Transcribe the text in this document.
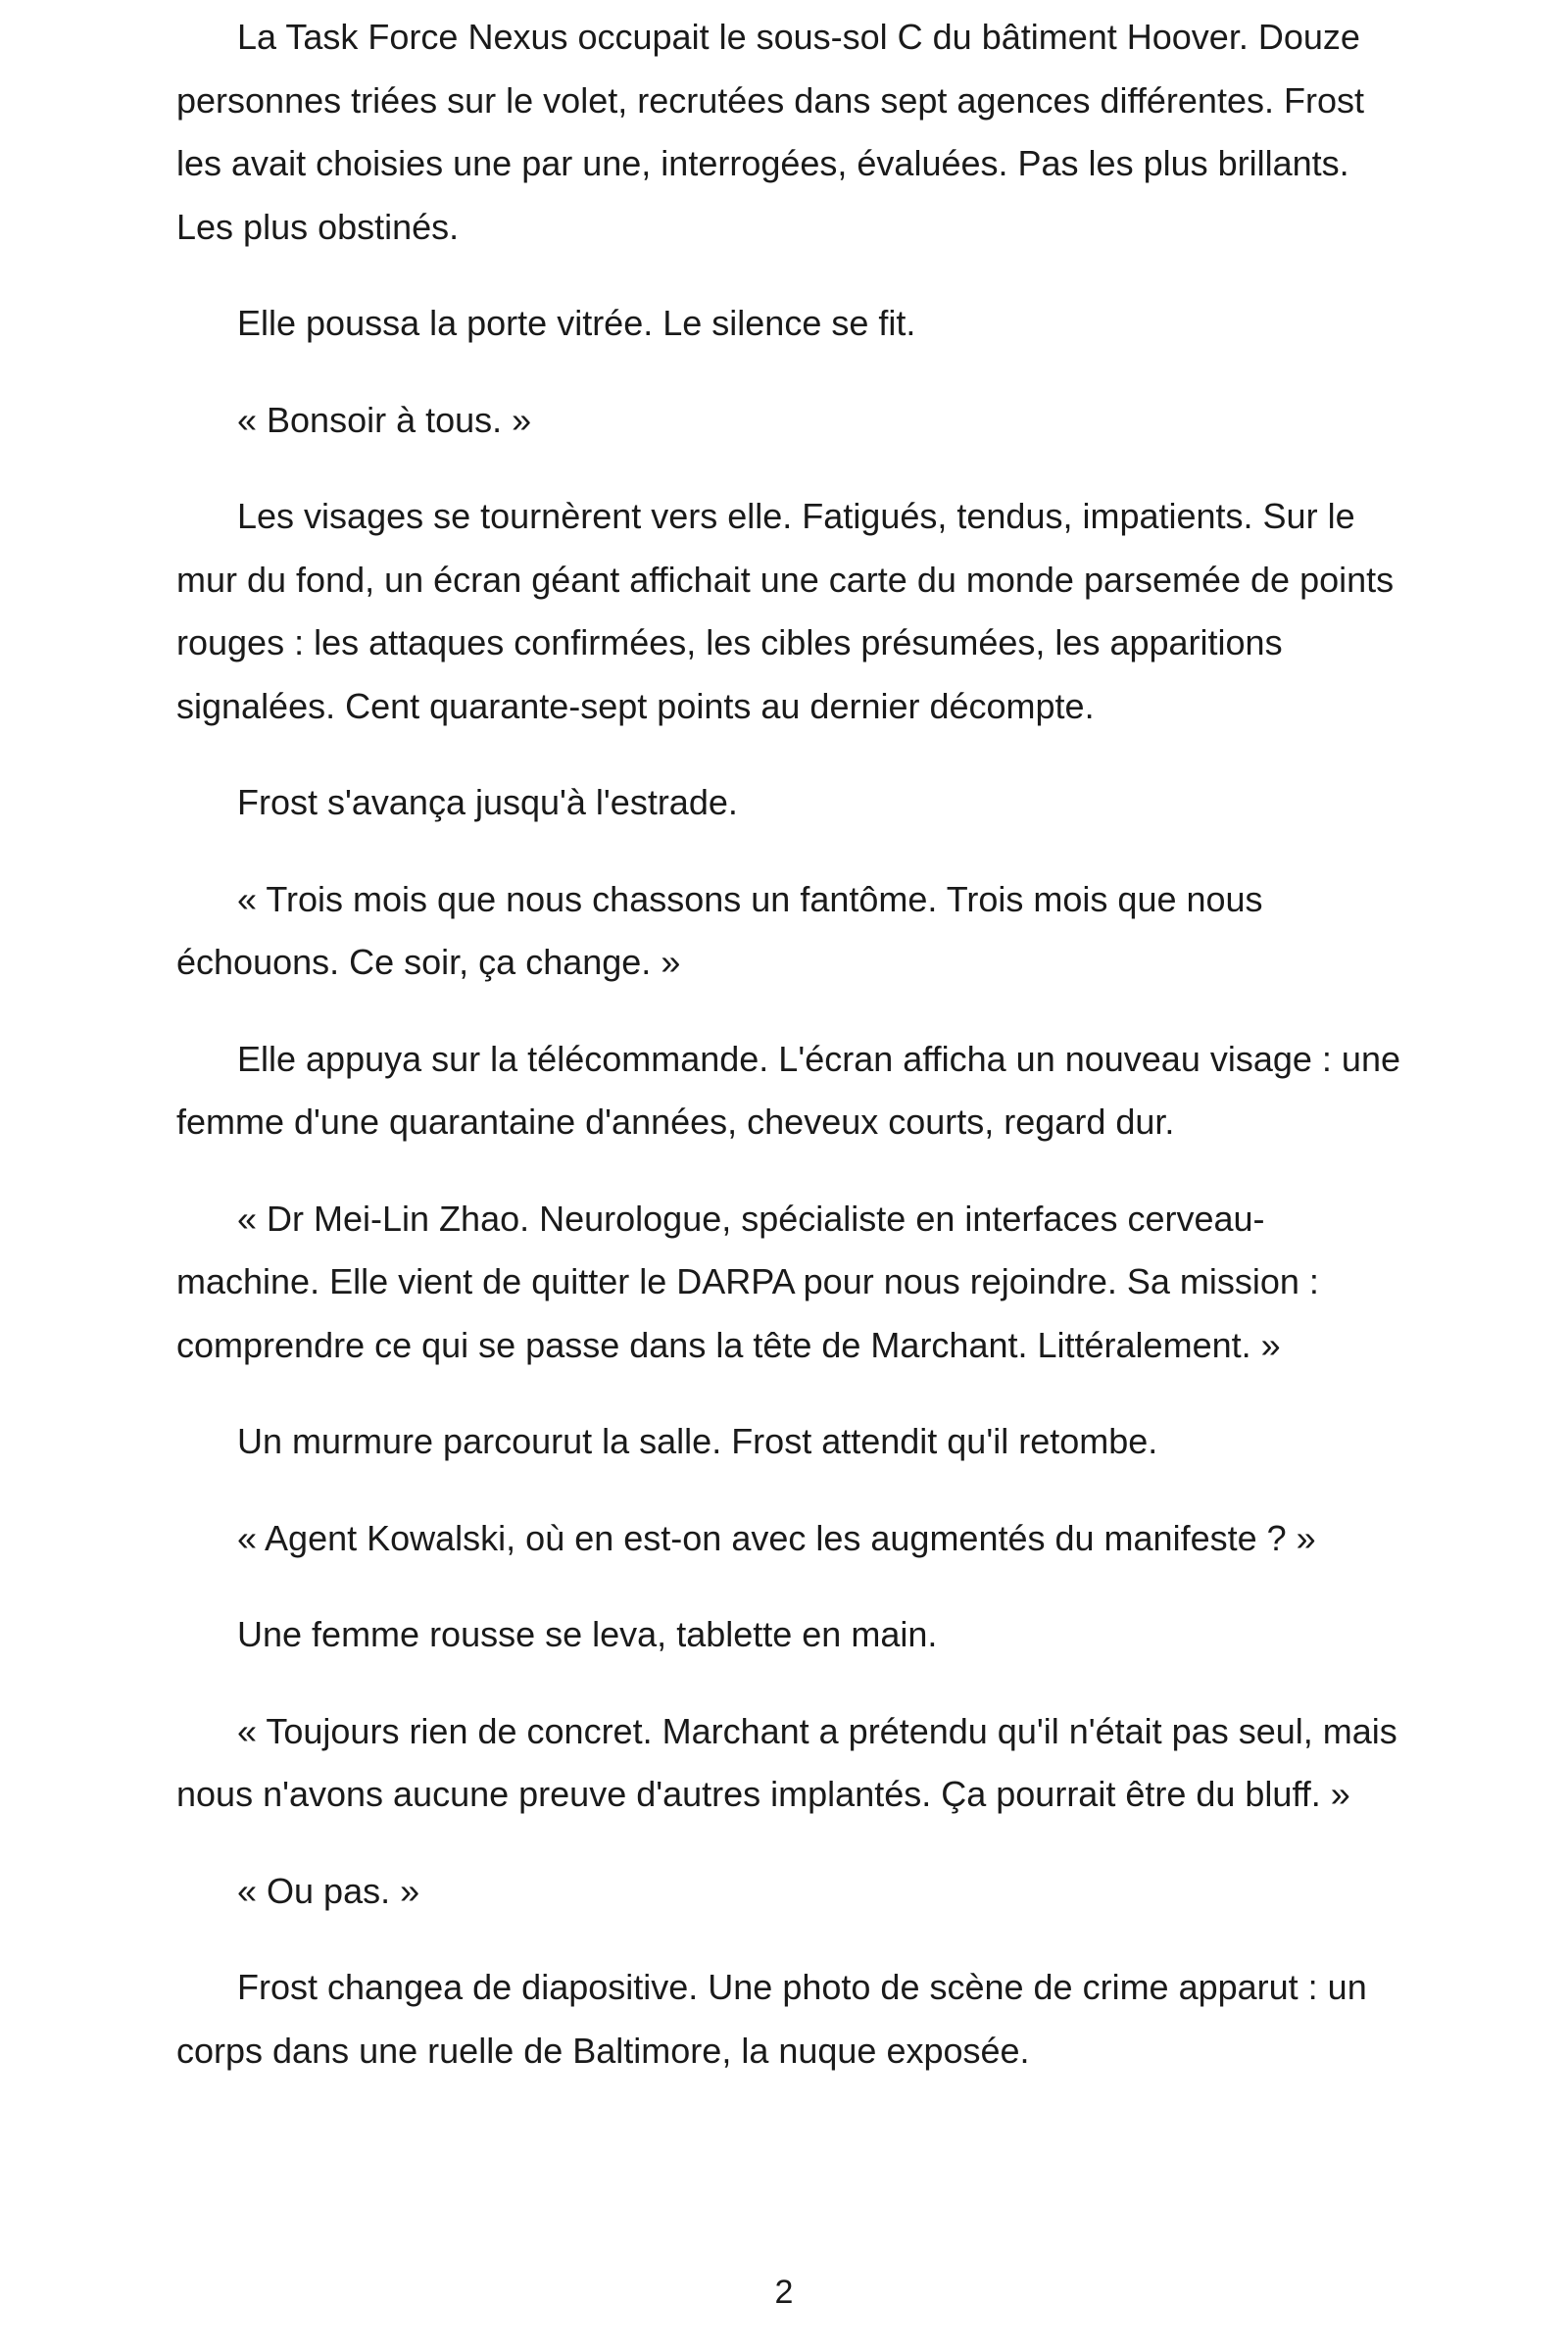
La Task Force Nexus occupait le sous-sol C du bâtiment Hoover. Douze personnes triées sur le volet, recrutées dans sept agences différentes. Frost les avait choisies une par une, interrogées, évaluées. Pas les plus brillants. Les plus obstinés.

Elle poussa la porte vitrée. Le silence se fit.

« Bonsoir à tous. »

Les visages se tournèrent vers elle. Fatigués, tendus, impatients. Sur le mur du fond, un écran géant affichait une carte du monde parsemée de points rouges : les attaques confirmées, les cibles présumées, les apparitions signalées. Cent quarante-sept points au dernier décompte.

Frost s'avança jusqu'à l'estrade.

« Trois mois que nous chassons un fantôme. Trois mois que nous échouons. Ce soir, ça change. »

Elle appuya sur la télécommande. L'écran afficha un nouveau visage : une femme d'une quarantaine d'années, cheveux courts, regard dur.

« Dr Mei-Lin Zhao. Neurologue, spécialiste en interfaces cerveau-machine. Elle vient de quitter le DARPA pour nous rejoindre. Sa mission : comprendre ce qui se passe dans la tête de Marchant. Littéralement. »

Un murmure parcourut la salle. Frost attendit qu'il retombe.

« Agent Kowalski, où en est-on avec les augmentés du manifeste ? »

Une femme rousse se leva, tablette en main.

« Toujours rien de concret. Marchant a prétendu qu'il n'était pas seul, mais nous n'avons aucune preuve d'autres implantés. Ça pourrait être du bluff. »

« Ou pas. »

Frost changea de diapositive. Une photo de scène de crime apparut : un corps dans une ruelle de Baltimore, la nuque exposée.

2
